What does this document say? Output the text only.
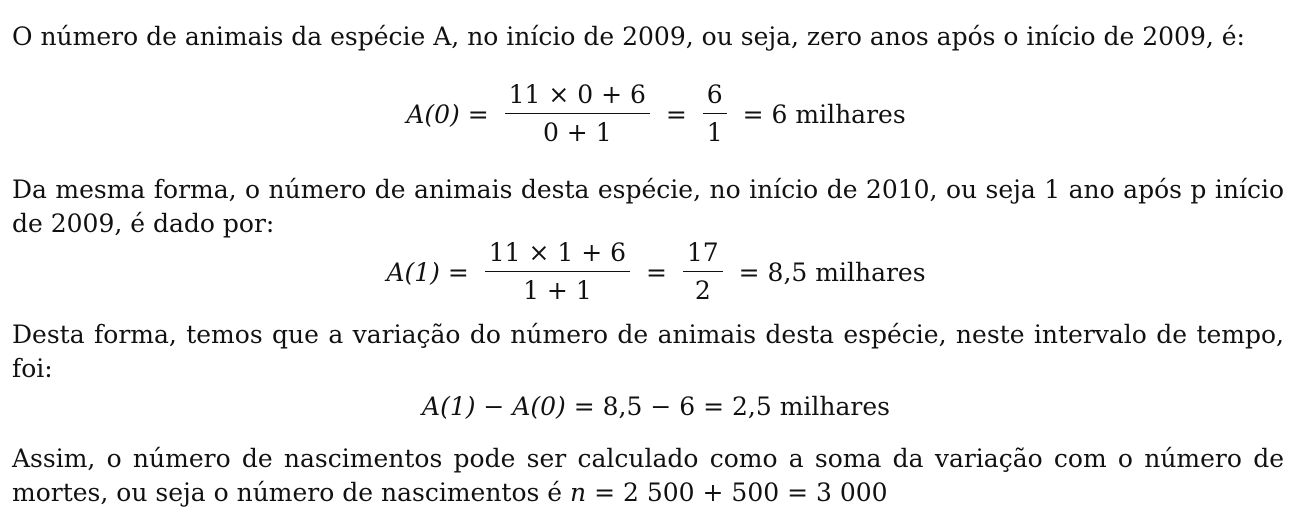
O número de animais da espécie A, no início de 2009, ou seja, zero anos após o início de 2009, é:
$A(0) = \frac{11 \times 0 + 6}{0 + 1} = \frac{6}{1} = 6$ milhares
Da mesma forma, o número de animais desta espécie, no início de 2010, ou seja 1 ano após p início de 2009, é dado por:
$A(1) = \frac{11 \times 1 + 6}{1 + 1} = \frac{17}{2} = 8,5$ milhares
Desta forma, temos que a variação do número de animais desta espécie, neste intervalo de tempo, foi:
A(1) − A(0) = 8,5 − 6 = 2,5 milhares
Assim, o número de nascimentos pode ser calculado como a soma da variação com o número de mortes, ou seja o número de nascimentos é n = 2 500 + 500 = 3 000
